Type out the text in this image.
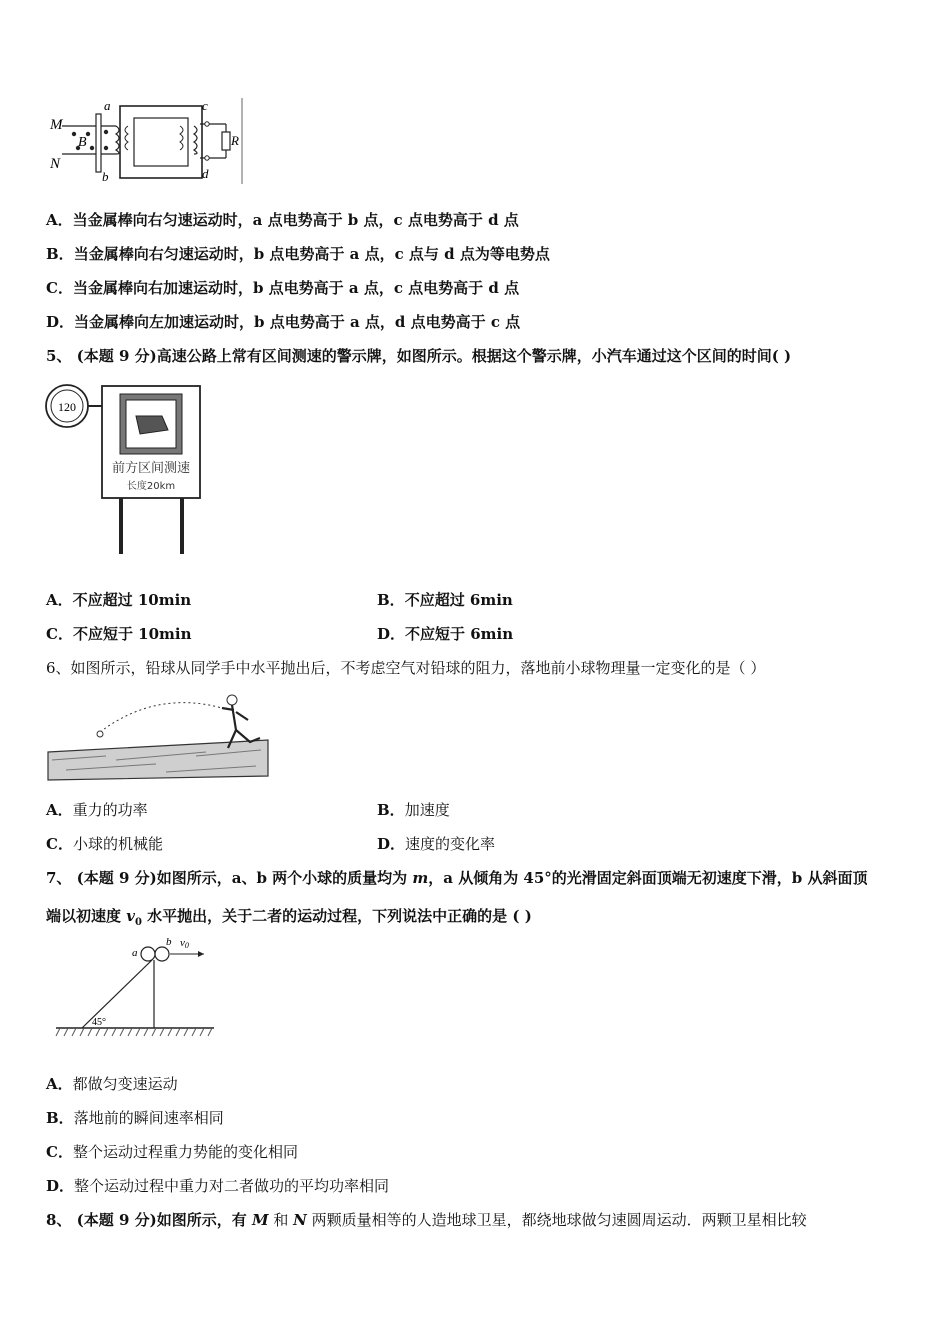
M
N
B
a
b
c
d
R
A．当金属棒向右匀速运动时，a 点电势高于 b 点，c 点电势高于 d 点
B．当金属棒向右匀速运动时，b 点电势高于 a 点，c 点与 d 点为等电势点
C．当金属棒向右加速运动时，b 点电势高于 a 点，c 点电势高于 d 点
D．当金属棒向左加速运动时，b 点电势高于 a 点，d 点电势高于 c 点
5、 (本题 9 分)高速公路上常有区间测速的警示牌，如图所示。根据这个警示牌，小汽车通过这个区间的时间( )
120
前方区间测速
长度20km
A．不应超过 10min	B．不应超过 6min
C．不应短于 10min	D．不应短于 6min
6、如图所示，铅球从同学手中水平抛出后，不考虑空气对铅球的阻力，落地前小球物理量一定变化的是（ ）
A．重力的功率	B．加速度
C．小球的机械能	D．速度的变化率
7、 (本题 9 分)如图所示，a、b 两个小球的质量均为 m，a 从倾角为 45°的光滑固定斜面顶端无初速度下滑，b 从斜面顶
端以初速度 $v_0$ 水平抛出，关于二者的运动过程，下列说法中正确的是 ( )
a
b v0
45°
A．都做匀变速运动
B．落地前的瞬间速率相同
C．整个运动过程重力势能的变化相同
D．整个运动过程中重力对二者做功的平均功率相同
8、 (本题 9 分)如图所示，有 M 和 N 两颗质量相等的人造地球卫星，都绕地球做匀速圆周运动．两颗卫星相比较
